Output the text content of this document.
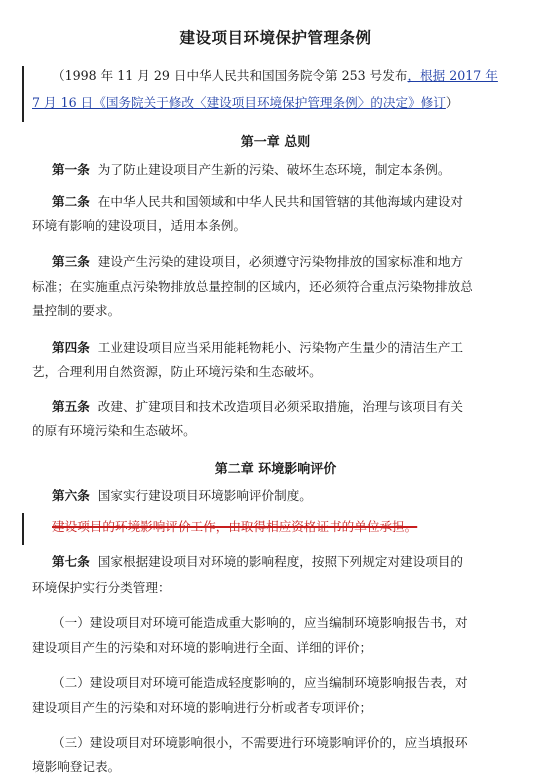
建设项目环境保护管理条例
（1998 年 11 月 29 日中华人民共和国国务院令第 253 号发布，根据 2017 年
7 月 16 日《国务院关于修改〈建设项目环境保护管理条例〉的决定》修订）
第一章 总则
第一条 为了防止建设项目产生新的污染、破坏生态环境，制定本条例。
第二条 在中华人民共和国领域和中华人民共和国管辖的其他海域内建设对
环境有影响的建设项目，适用本条例。
第三条 建设产生污染的建设项目，必须遵守污染物排放的国家标准和地方
标准；在实施重点污染物排放总量控制的区域内，还必须符合重点污染物排放总
量控制的要求。
第四条 工业建设项目应当采用能耗物耗小、污染物产生量少的清洁生产工
艺，合理利用自然资源，防止环境污染和生态破坏。
第五条 改建、扩建项目和技术改造项目必须采取措施，治理与该项目有关
的原有环境污染和生态破坏。
第二章 环境影响评价
第六条 国家实行建设项目环境影响评价制度。
建设项目的环境影响评价工作，由取得相应资格证书的单位承担。
第七条 国家根据建设项目对环境的影响程度，按照下列规定对建设项目的
环境保护实行分类管理：
（一）建设项目对环境可能造成重大影响的，应当编制环境影响报告书，对
建设项目产生的污染和对环境的影响进行全面、详细的评价；
（二）建设项目对环境可能造成轻度影响的，应当编制环境影响报告表，对
建设项目产生的污染和对环境的影响进行分析或者专项评价；
（三）建设项目对环境影响很小，不需要进行环境影响评价的，应当填报环
境影响登记表。
